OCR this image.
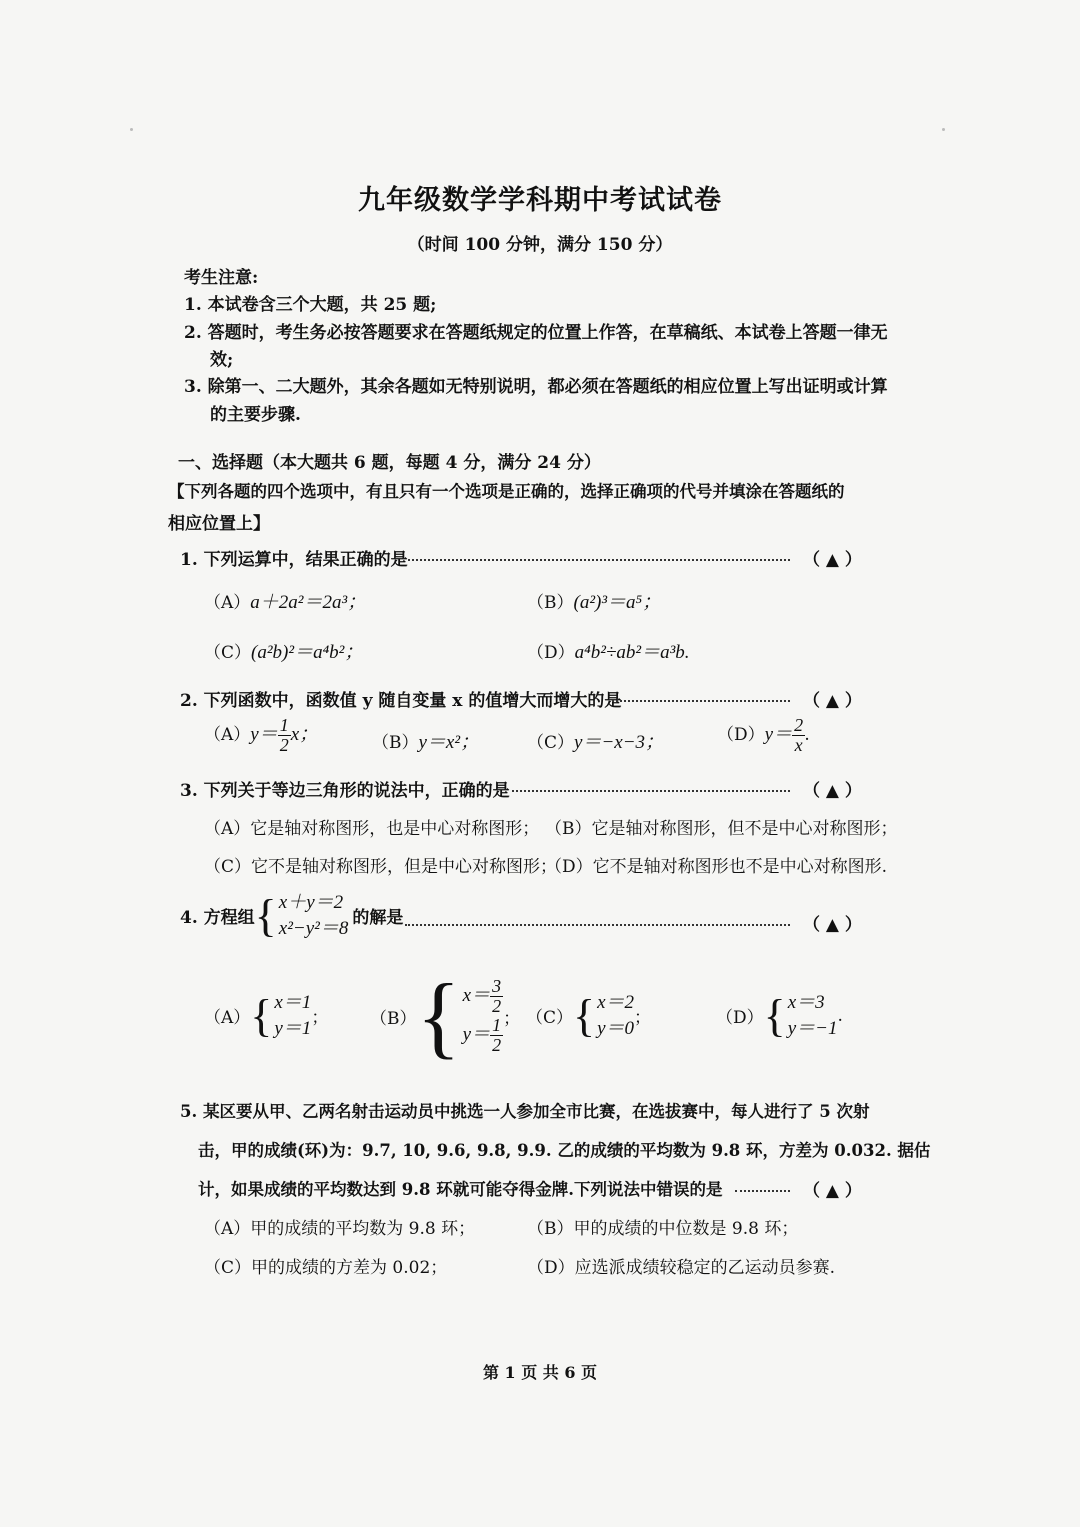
九年级数学学科期中考试试卷
（时间 100 分钟，满分 150 分）
考生注意:
1. 本试卷含三个大题，共 25 题;
2. 答题时，考生务必按答题要求在答题纸规定的位置上作答，在草稿纸、本试卷上答题一律无
效;
3. 除第一、二大题外，其余各题如无特别说明，都必须在答题纸的相应位置上写出证明或计算
的主要步骤.
一、选择题（本大题共 6 题，每题 4 分，满分 24 分）
【下列各题的四个选项中，有且只有一个选项是正确的，选择正确项的代号并填涂在答题纸的
相应位置上】
1. 下列运算中，结果正确的是	（ ▲ ）
（A）a＋2a²＝2a³；	（B）(a²)³＝a⁵；
（C）(a²b)²＝a⁴b²；	（D）a⁴b²÷ab²＝a³b.
2. 下列函数中，函数值 y 随自变量 x 的值增大而增大的是	（ ▲ ）
$(A)y= \frac{1}{2}$ x；	（B）y＝x²；	（C）y＝−x−3；	$(D)y= \frac{2}{x}$ .
3. 下列关于等边三角形的说法中，正确的是	（ ▲ ）
（A）它是轴对称图形，也是中心对称图形； （B）它是轴对称图形，但不是中心对称图形；
（C）它不是轴对称图形，但是中心对称图形；
（D）它不是轴对称图形也不是中心对称图形.
4. 方程组 { x＋y＝2
x²−y²＝8 的解是	（ ▲ ）
（A） { x＝1
y＝1 ； （B） { $x= \frac{3}{2}$
$y= \frac{1}{2}$ ； （C） { x＝2
y＝0 ；	（D） { x＝3
y＝−1
.
5. 某区要从甲、乙两名射击运动员中挑选一人参加全市比赛，在选拔赛中，每人进行了 5 次射
击，甲的成绩(环)为：9.7, 10, 9.6, 9.8, 9.9. 乙的成绩的平均数为 9.8 环，方差为 0.032. 据估
计，如果成绩的平均数达到 9.8 环就可能夺得金牌.下列说法中错误的是	（ ▲ ）
（A）甲的成绩的平均数为 9.8 环；	（B）甲的成绩的中位数是 9.8 环；
（C）甲的成绩的方差为 0.02；	（D）应选派成绩较稳定的乙运动员参赛.
第 1 页 共 6 页
